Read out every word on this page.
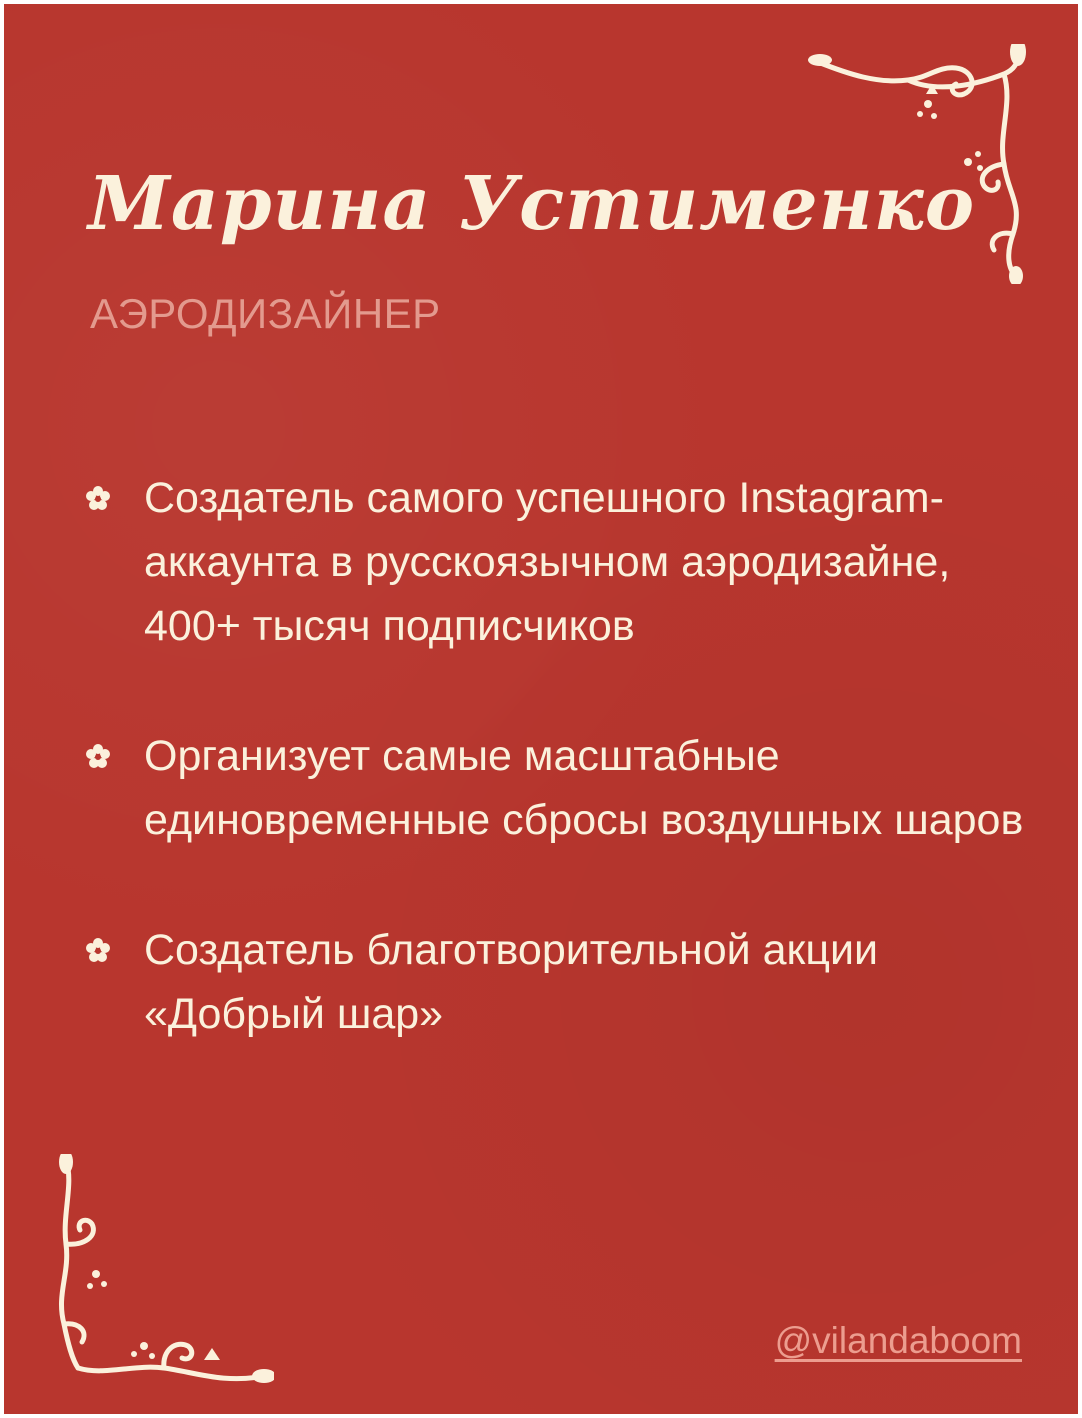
Марина Устименко
АЭРОДИЗАЙНЕР
Создатель самого успешного Instagram-аккаунта в русскоязычном аэродизайне, 400+ тысяч подписчиков
Организует самые масштабные единовременные сбросы воздушных шаров
Создатель благотворительной акции «Добрый шар»
@vilandaboom
